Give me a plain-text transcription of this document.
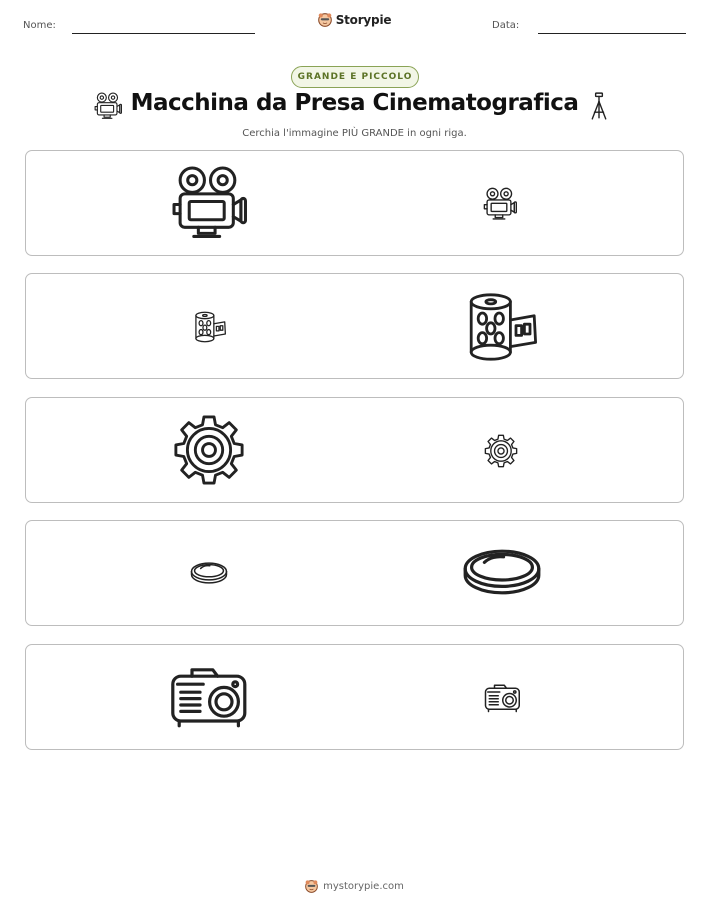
Nome:	Storypie	Data:
GRANDE E PICCOLO
Macchina da Presa Cinematografica
Cerchia l'immagine PIÙ GRANDE in ogni riga.
mystorypie.com
